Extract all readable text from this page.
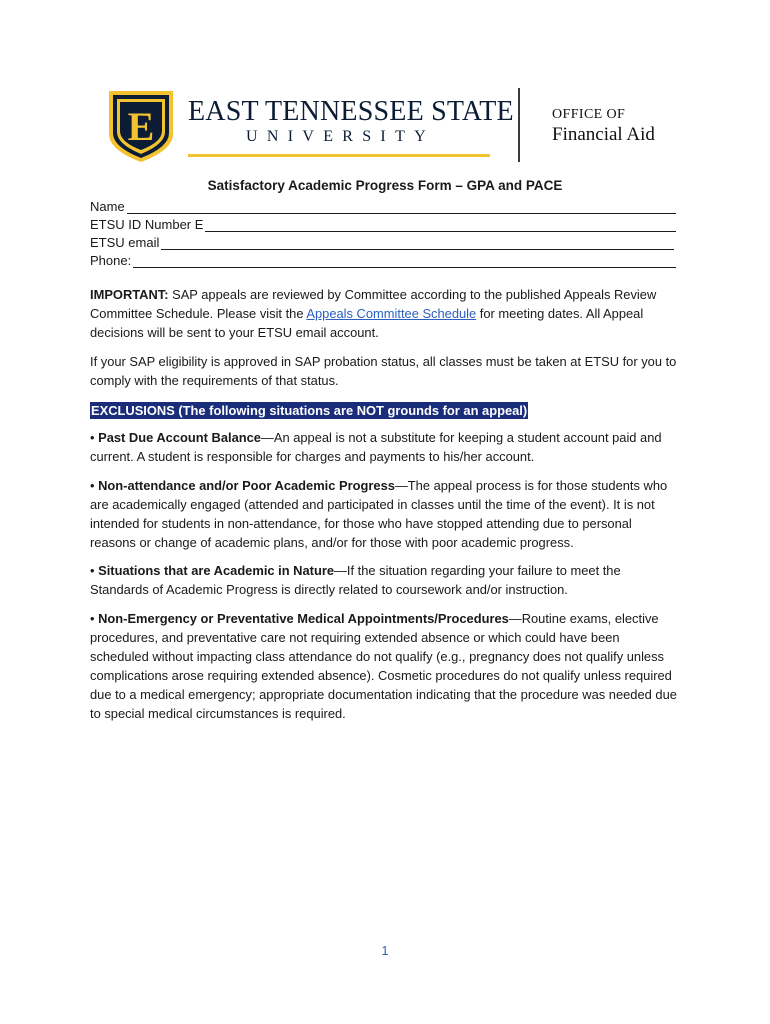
E EAST TENNESSEE STATE
UNIVERSITY
OFFICE OF
Financial Aid
Satisfactory Academic Progress Form – GPA and PACE
Name
ETSU ID Number E
ETSU email
Phone:
IMPORTANT: SAP appeals are reviewed by Committee according to the published Appeals Review Committee Schedule. Please visit the Appeals Committee Schedule for meeting dates. All Appeal decisions will be sent to your ETSU email account.
If your SAP eligibility is approved in SAP probation status, all classes must be taken at ETSU for you to comply with the requirements of that status.
EXCLUSIONS (The following situations are NOT grounds for an appeal)
• Past Due Account Balance—An appeal is not a substitute for keeping a student account paid and current. A student is responsible for charges and payments to his/her account.
• Non-attendance and/or Poor Academic Progress—The appeal process is for those students who are academically engaged (attended and participated in classes until the time of the event). It is not intended for students in non-attendance, for those who have stopped attending due to personal reasons or change of academic plans, and/or for those with poor academic progress.
• Situations that are Academic in Nature—If the situation regarding your failure to meet the Standards of Academic Progress is directly related to coursework and/or instruction.
• Non-Emergency or Preventative Medical Appointments/Procedures—Routine exams, elective procedures, and preventative care not requiring extended absence or which could have been scheduled without impacting class attendance do not qualify (e.g., pregnancy does not qualify unless complications arose requiring extended absence). Cosmetic procedures do not qualify unless required due to a medical emergency; appropriate documentation indicating that the procedure was needed due to special medical circumstances is required.
1
